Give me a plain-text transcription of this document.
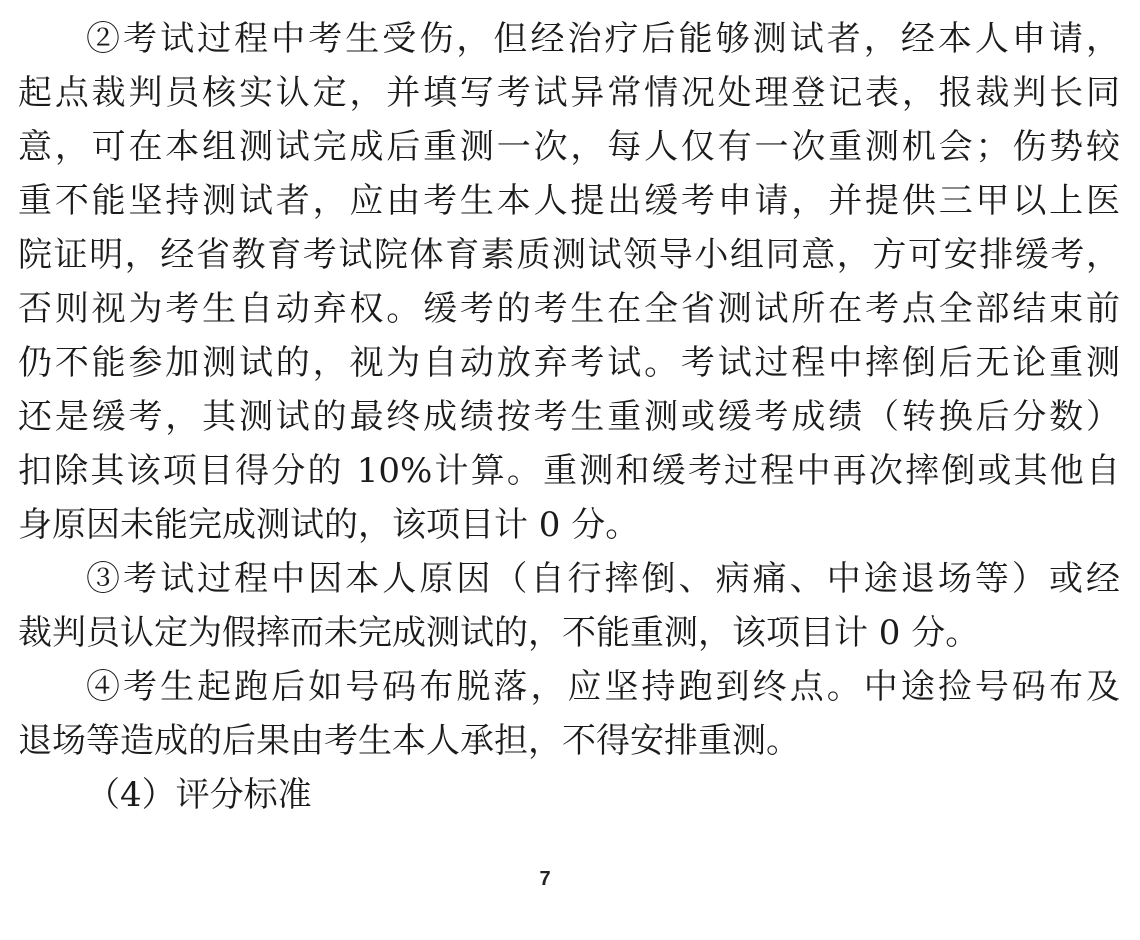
②考试过程中考生受伤，但经治疗后能够测试者，经本人申请，
起点裁判员核实认定，并填写考试异常情况处理登记表，报裁判长同
意，可在本组测试完成后重测一次，每人仅有一次重测机会；伤势较
重不能坚持测试者，应由考生本人提出缓考申请，并提供三甲以上医
院证明，经省教育考试院体育素质测试领导小组同意，方可安排缓考，
否则视为考生自动弃权。缓考的考生在全省测试所在考点全部结束前
仍不能参加测试的，视为自动放弃考试。考试过程中摔倒后无论重测
还是缓考，其测试的最终成绩按考生重测或缓考成绩（转换后分数）
扣除其该项目得分的 10%计算。重测和缓考过程中再次摔倒或其他自
身原因未能完成测试的，该项目计 0 分。
③考试过程中因本人原因（自行摔倒、病痛、中途退场等）或经
裁判员认定为假摔而未完成测试的，不能重测，该项目计 0 分。
④考生起跑后如号码布脱落，应坚持跑到终点。中途捡号码布及
退场等造成的后果由考生本人承担，不得安排重测。
（4）评分标准
7
